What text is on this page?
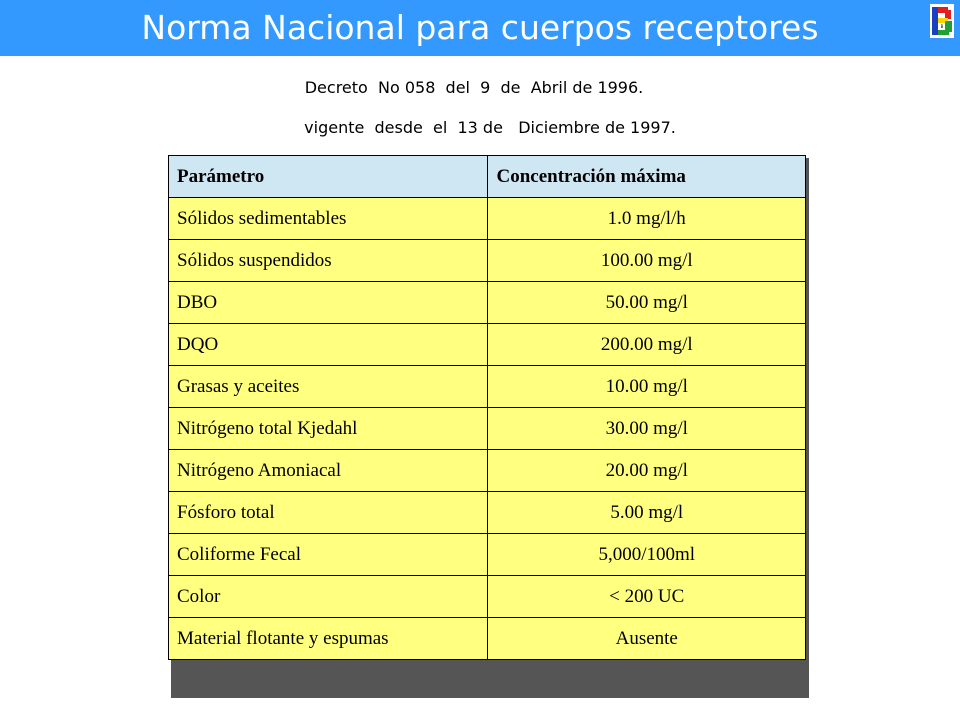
Norma Nacional para cuerpos receptores	B
Decreto  No 058  del  9  de  Abril de 1996.
vigente  desde  el  13 de   Diciembre de 1997.
Parámetro	Concentración máxima
Sólidos sedimentables	1.0 mg/l/h
Sólidos suspendidos	100.00 mg/l
DBO	50.00 mg/l
DQO	200.00 mg/l
Grasas y aceites	10.00 mg/l
Nitrógeno total Kjedahl	30.00 mg/l
Nitrógeno Amoniacal	20.00 mg/l
Fósforo total	5.00 mg/l
Coliforme Fecal	5,000/100ml
Color	< 200 UC
Material flotante y espumas	Ausente
